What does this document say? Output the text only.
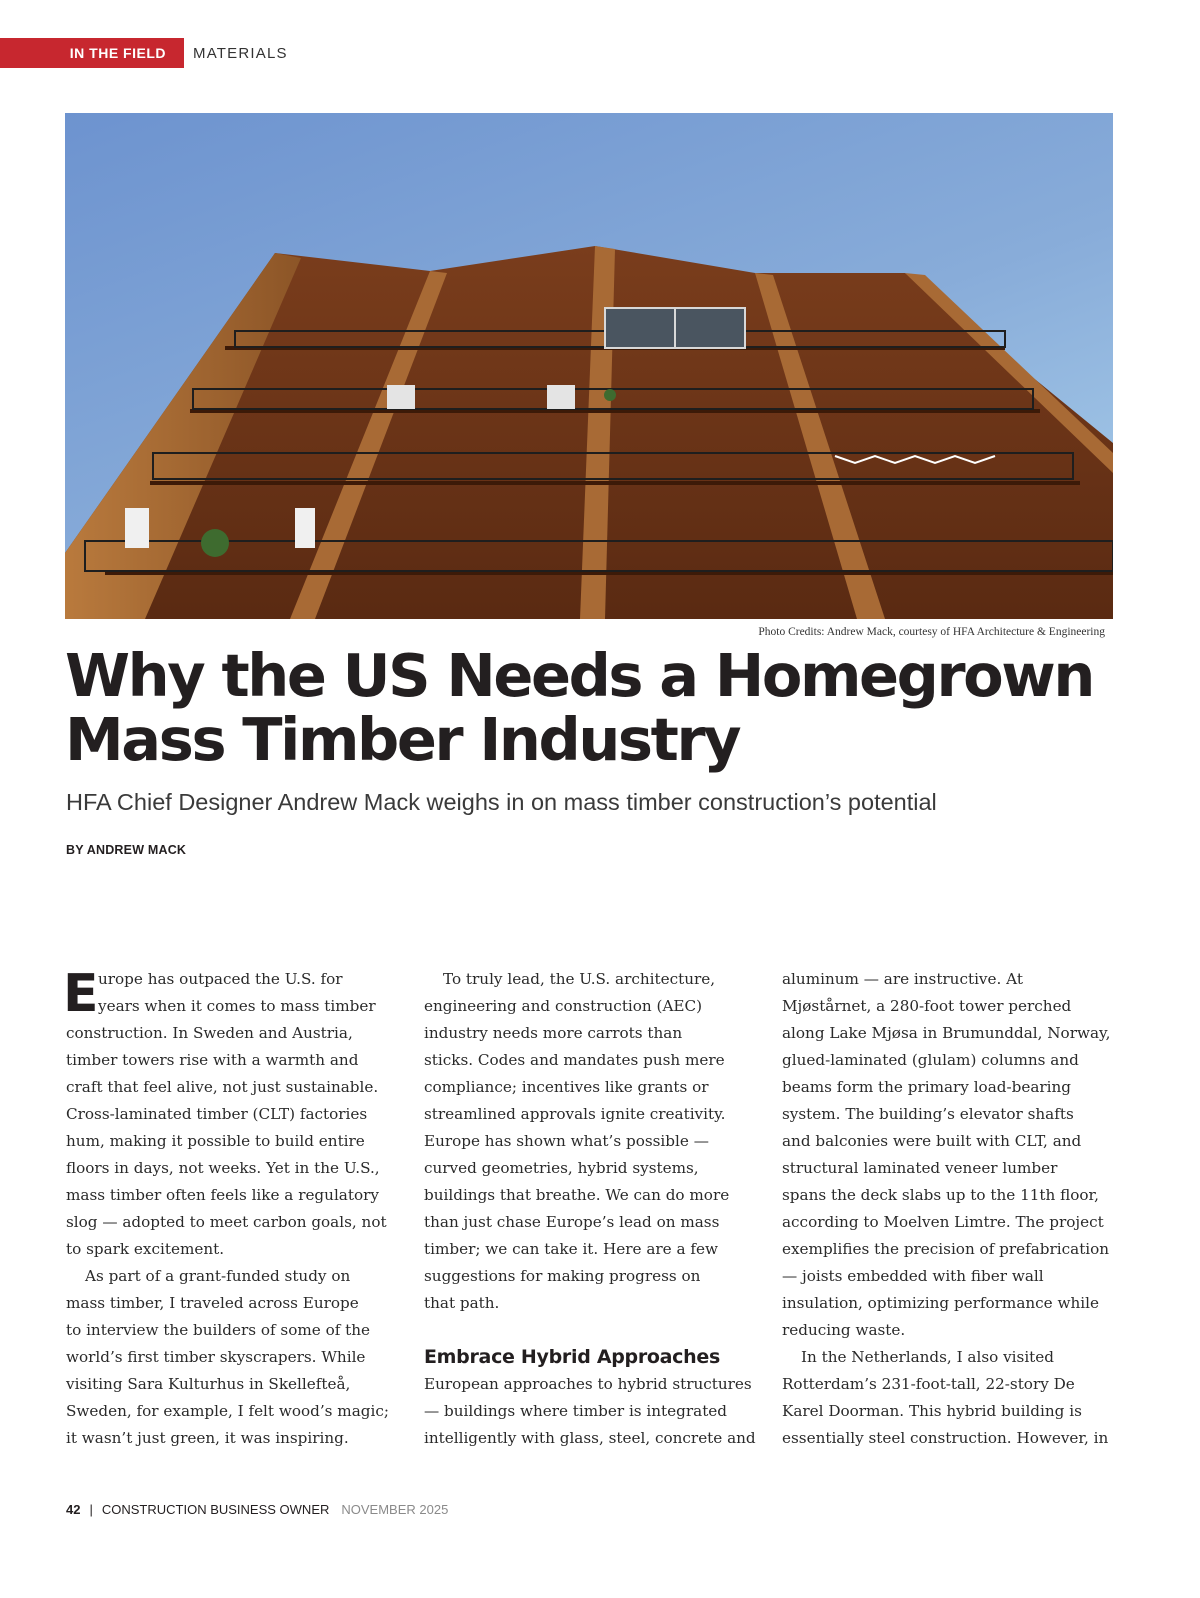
IN THE FIELD	MATERIALS
Photo Credits: Andrew Mack, courtesy of HFA Architecture & Engineering
Why the US Needs a Homegrown
Mass Timber Industry

HFA Chief Designer Andrew Mack weighs in on mass timber construction’s potential

BY ANDREW MACK
E urope has outpaced the U.S. for
years when it comes to mass timber
construction. In Sweden and Austria,
timber towers rise with a warmth and
craft that feel alive, not just sustainable.
Cross-laminated timber (CLT) factories
hum, making it possible to build entire
floors in days, not weeks. Yet in the U.S.,
mass timber often feels like a regulatory
slog — adopted to meet carbon goals, not
to spark excitement.
As part of a grant-funded study on
mass timber, I traveled across Europe
to interview the builders of some of the
world’s first timber skyscrapers. While
visiting Sara Kulturhus in Skellefteå,
Sweden, for example, I felt wood’s magic;
it wasn’t just green, it was inspiring.
To truly lead, the U.S. architecture,
engineering and construction (AEC)
industry needs more carrots than
sticks. Codes and mandates push mere
compliance; incentives like grants or
streamlined approvals ignite creativity.
Europe has shown what’s possible —
curved geometries, hybrid systems,
buildings that breathe. We can do more
than just chase Europe’s lead on mass
timber; we can take it. Here are a few
suggestions for making progress on
that path.
Embrace Hybrid Approaches
European approaches to hybrid structures
— buildings where timber is integrated
intelligently with glass, steel, concrete and
aluminum — are instructive. At
Mjøstårnet, a 280-foot tower perched
along Lake Mjøsa in Brumunddal, Norway,
glued-laminated (glulam) columns and
beams form the primary load-bearing
system. The building’s elevator shafts
and balconies were built with CLT, and
structural laminated veneer lumber
spans the deck slabs up to the 11th floor,
according to Moelven Limtre. The project
exemplifies the precision of prefabrication
— joists embedded with fiber wall
insulation, optimizing performance while
reducing waste.
In the Netherlands, I also visited
Rotterdam’s 231-foot-tall, 22-story De
Karel Doorman. This hybrid building is
essentially steel construction. However, in
42 | CONSTRUCTION BUSINESS OWNER NOVEMBER 2025
